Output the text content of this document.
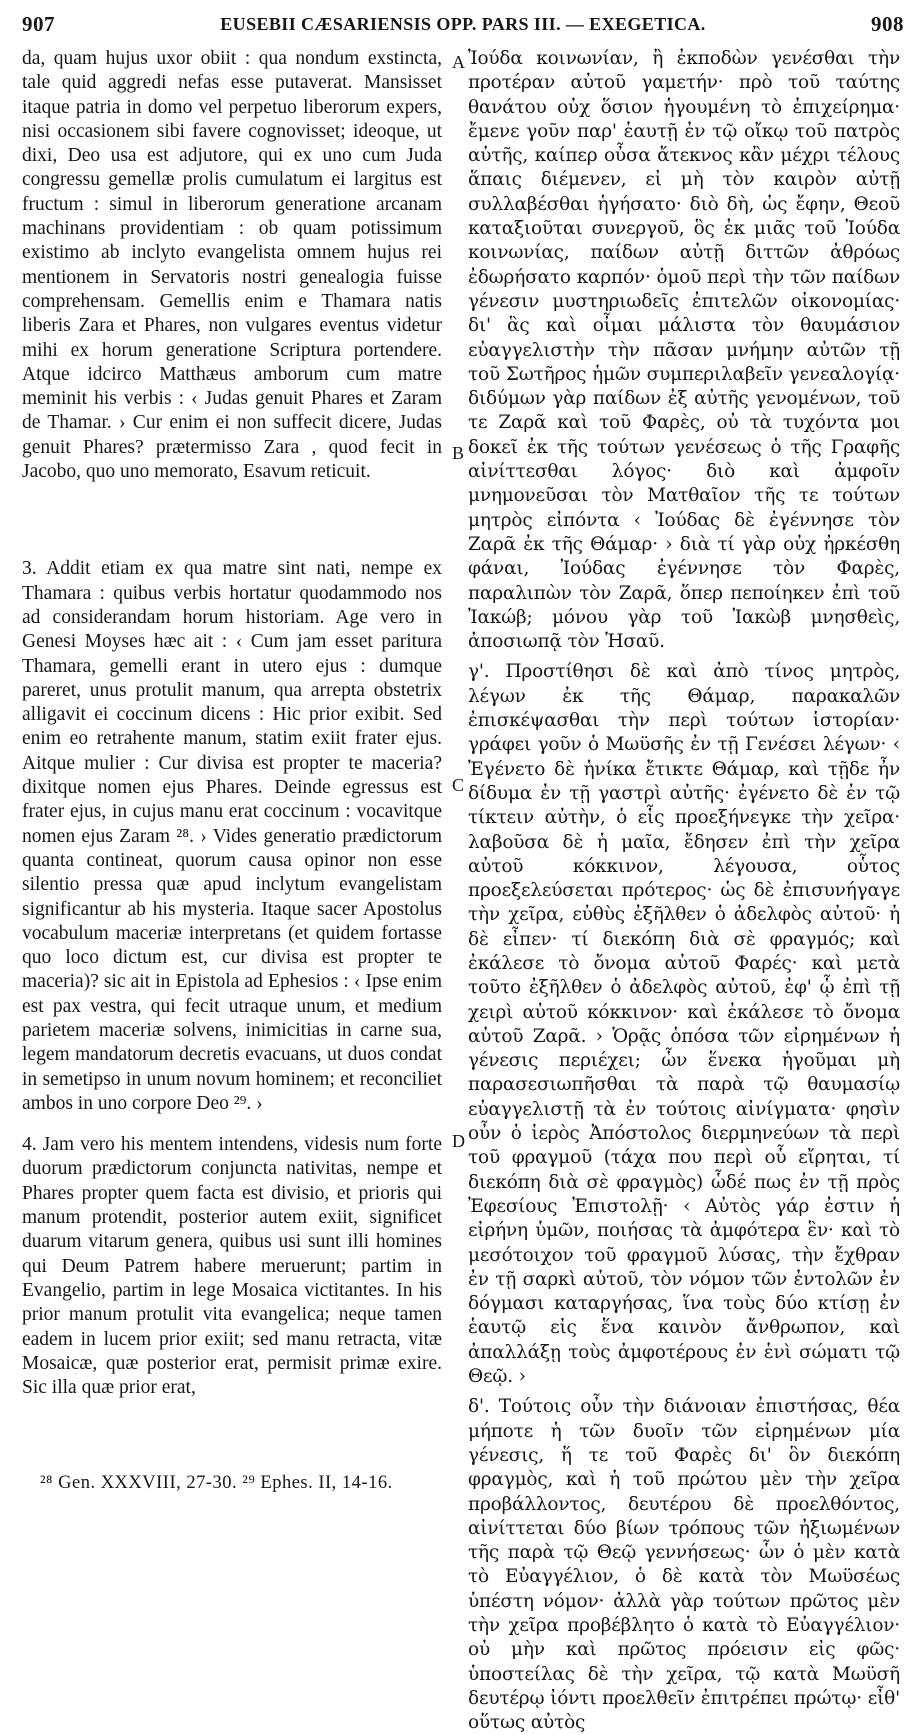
907	EUSEBII CÆSARIENSIS OPP. PARS III. — EXEGETICA.	908

da, quam hujus uxor obiit : qua nondum exstincta, tale quid aggredi nefas esse putaverat. Mansisset itaque patria in domo vel perpetuo liberorum expers, nisi occasionem sibi favere cognovisset; ideoque, ut dixi, Deo usa est adjutore, qui ex uno cum Juda congressu gemellæ prolis cumulatum ei largitus est fructum : simul in liberorum generatione arcanam machinans providentiam : ob quam potissimum existimo ab inclyto evangelista omnem hujus rei mentionem in Servatoris nostri genealogia fuisse comprehensam. Gemellis enim e Thamara natis liberis Zara et Phares, non vulgares eventus videtur mihi ex horum generatione Scriptura portendere. Atque idcirco Matthæus amborum cum matre meminit his verbis : ‹ Judas genuit Phares et Zaram de Thamar. › Cur enim ei non suffecit dicere, Judas genuit Phares? prætermisso Zara , quod fecit in Jacobo, quo uno memorato, Esavum reticuit.

3. Addit etiam ex qua matre sint nati, nempe ex Thamara : quibus verbis hortatur quodammodo nos ad considerandam horum historiam. Age vero in Genesi Moyses hæc ait : ‹ Cum jam esset paritura Thamara, gemelli erant in utero ejus : dumque pareret, unus protulit manum, qua arrepta obstetrix alligavit ei coccinum dicens : Hic prior exibit. Sed enim eo retrahente manum, statim exiit frater ejus. Aitque mulier : Cur divisa est propter te maceria? dixitque nomen ejus Phares. Deinde egressus est frater ejus, in cujus manu erat coccinum : vocavitque nomen ejus Zaram ²⁸. › Vides generatio prædictorum quanta contineat, quorum causa opinor non esse silentio pressa quæ apud inclytum evangelistam significantur ab his mysteria. Itaque sacer Apostolus vocabulum maceriæ interpretans (et quidem fortasse quo loco dictum est, cur divisa est propter te maceria)? sic ait in Epistola ad Ephesios : ‹ Ipse enim est pax vestra, qui fecit utraque unum, et medium parietem maceriæ solvens, inimicitias in carne sua, legem mandatorum decretis evacuans, ut duos condat in semetipso in unum novum hominem; et reconciliet ambos in uno corpore Deo ²⁹. ›

4. Jam vero his mentem intendens, videsis num forte duorum prædictorum conjuncta nativitas, nempe et Phares propter quem facta est divisio, et prioris qui manum protendit, posterior autem exiit, significet duarum vitarum genera, quibus usi sunt illi homines qui Deum Patrem habere meruerunt; partim in Evangelio, partim in lege Mosaica victitantes. In his prior manum protulit vita evangelica; neque tamen eadem in lucem prior exiit; sed manu retracta, vitæ Mosaicæ, quæ posterior erat, permisit primæ exire. Sic illa quæ prior erat,

A
B
C
D

Ἰούδα κοινωνίαν, ἢ ἐκποδὼν γενέσθαι τὴν προτέραν αὐτοῦ γαμετήν· πρὸ τοῦ ταύτης θανάτου οὐχ ὅσιον ἡγουμένη τὸ ἐπιχείρημα· ἔμενε γοῦν παρ' ἑαυτῇ ἐν τῷ οἴκῳ τοῦ πατρὸς αὐτῆς, καίπερ οὖσα ἄτεκνος κἂν μέχρι τέλους ἅπαις διέμενεν, εἰ μὴ τὸν καιρὸν αὐτῇ συλλαβέσθαι ἡγήσατο· διὸ δὴ, ὡς ἔφην, Θεοῦ καταξιοῦται συνεργοῦ, ὃς ἐκ μιᾶς τοῦ Ἰούδα κοινωνίας, παίδων αὐτῇ διττῶν ἀθρόως ἐδωρήσατο καρπόν· ὁμοῦ περὶ τὴν τῶν παίδων γένεσιν μυστηριωδεῖς ἐπιτελῶν οἰκονομίας· δι' ἃς καὶ οἶμαι μάλιστα τὸν θαυμάσιον εὐαγγελιστὴν τὴν πᾶσαν μνήμην αὐτῶν τῇ τοῦ Σωτῆρος ἡμῶν συμπεριλαβεῖν γενεαλογίᾳ· διδύμων γὰρ παίδων ἐξ αὐτῆς γενομένων, τοῦ τε Ζαρᾶ καὶ τοῦ Φαρὲς, οὐ τὰ τυχόντα μοι δοκεῖ ἐκ τῆς τούτων γενέσεως ὁ τῆς Γραφῆς αἰνίττεσθαι λόγος· διὸ καὶ ἀμφοῖν μνημονεῦσαι τὸν Ματθαῖον τῆς τε τούτων μητρὸς εἰπόντα ‹ Ἰούδας δὲ ἐγέννησε τὸν Ζαρᾶ ἐκ τῆς Θάμαρ· › διὰ τί γὰρ οὐχ ἠρκέσθη φάναι, Ἰούδας ἐγέννησε τὸν Φαρὲς, παραλιπὼν τὸν Ζαρᾶ, ὅπερ πεποίηκεν ἐπὶ τοῦ Ἰακώβ; μόνου γὰρ τοῦ Ἰακὼβ μνησθεὶς, ἀποσιωπᾷ τὸν Ἡσαῦ.

γ'. Προστίθησι δὲ καὶ ἀπὸ τίνος μητρὸς, λέγων ἐκ τῆς Θάμαρ, παρακαλῶν ἐπισκέψασθαι τὴν περὶ τούτων ἱστορίαν· γράφει γοῦν ὁ Μωϋσῆς ἐν τῇ Γενέσει λέγων· ‹ Ἐγένετο δὲ ἡνίκα ἔτικτε Θάμαρ, καὶ τῇδε ἦν δίδυμα ἐν τῇ γαστρὶ αὐτῆς· ἐγένετο δὲ ἐν τῷ τίκτειν αὐτὴν, ὁ εἷς προεξήνεγκε τὴν χεῖρα· λαβοῦσα δὲ ἡ μαῖα, ἔδησεν ἐπὶ τὴν χεῖρα αὐτοῦ κόκκινον, λέγουσα, οὗτος προεξελεύσεται πρότερος· ὡς δὲ ἐπισυνήγαγε τὴν χεῖρα, εὐθὺς ἐξῆλθεν ὁ ἀδελφὸς αὐτοῦ· ἡ δὲ εἶπεν· τί διεκόπη διὰ σὲ φραγμός; καὶ ἐκάλεσε τὸ ὄνομα αὐτοῦ Φαρές· καὶ μετὰ τοῦτο ἐξῆλθεν ὁ ἀδελφὸς αὐτοῦ, ἐφ' ᾧ ἐπὶ τῇ χειρὶ αὐτοῦ κόκκινον· καὶ ἐκάλεσε τὸ ὄνομα αὐτοῦ Ζαρᾶ. › Ὁρᾷς ὁπόσα τῶν εἰρημένων ἡ γένεσις περιέχει; ὧν ἕνεκα ἡγοῦμαι μὴ παρασεσιωπῆσθαι τὰ παρὰ τῷ θαυμασίῳ εὐαγγελιστῇ τὰ ἐν τούτοις αἰνίγματα· φησὶν οὖν ὁ ἱερὸς Ἀπόστολος διερμηνεύων τὰ περὶ τοῦ φραγμοῦ (τάχα που περὶ οὗ εἴρηται, τί διεκόπη διὰ σὲ φραγμὸς) ὧδέ πως ἐν τῇ πρὸς Ἐφεσίους Ἐπιστολῇ· ‹ Αὐτὸς γάρ ἐστιν ἡ εἰρήνη ὑμῶν, ποιήσας τὰ ἀμφότερα ἓν· καὶ τὸ μεσότοιχον τοῦ φραγμοῦ λύσας, τὴν ἔχθραν ἐν τῇ σαρκὶ αὐτοῦ, τὸν νόμον τῶν ἐντολῶν ἐν δόγμασι καταργήσας, ἵνα τοὺς δύο κτίσῃ ἐν ἑαυτῷ εἰς ἕνα καινὸν ἄνθρωπον, καὶ ἀπαλλάξῃ τοὺς ἀμφοτέρους ἐν ἑνὶ σώματι τῷ Θεῷ. ›

δ'. Τούτοις οὖν τὴν διάνοιαν ἐπιστήσας, θέα μήποτε ἡ τῶν δυοῖν τῶν εἰρημένων μία γένεσις, ἥ τε τοῦ Φαρὲς δι' ὃν διεκόπη φραγμὸς, καὶ ἡ τοῦ πρώτου μὲν τὴν χεῖρα προβάλλοντος, δευτέρου δὲ προελθόντος, αἰνίττεται δύο βίων τρόπους τῶν ἠξιωμένων τῆς παρὰ τῷ Θεῷ γεννήσεως· ὧν ὁ μὲν κατὰ τὸ Εὐαγγέλιον, ὁ δὲ κατὰ τὸν Μωϋσέως ὑπέστη νόμον· ἀλλὰ γὰρ τούτων πρῶτος μὲν τὴν χεῖρα προβέβλητο ὁ κατὰ τὸ Εὐαγγέλιον· οὐ μὴν καὶ πρῶτος πρόεισιν εἰς φῶς· ὑποστείλας δὲ τὴν χεῖρα, τῷ κατὰ Μωϋσῆ δευτέρῳ ἰόντι προελθεῖν ἐπιτρέπει πρώτῳ· εἶθ' οὕτως αὐτὸς

²⁸ Gen. XXXVIII, 27-30. ²⁹ Ephes. II, 14-16.
